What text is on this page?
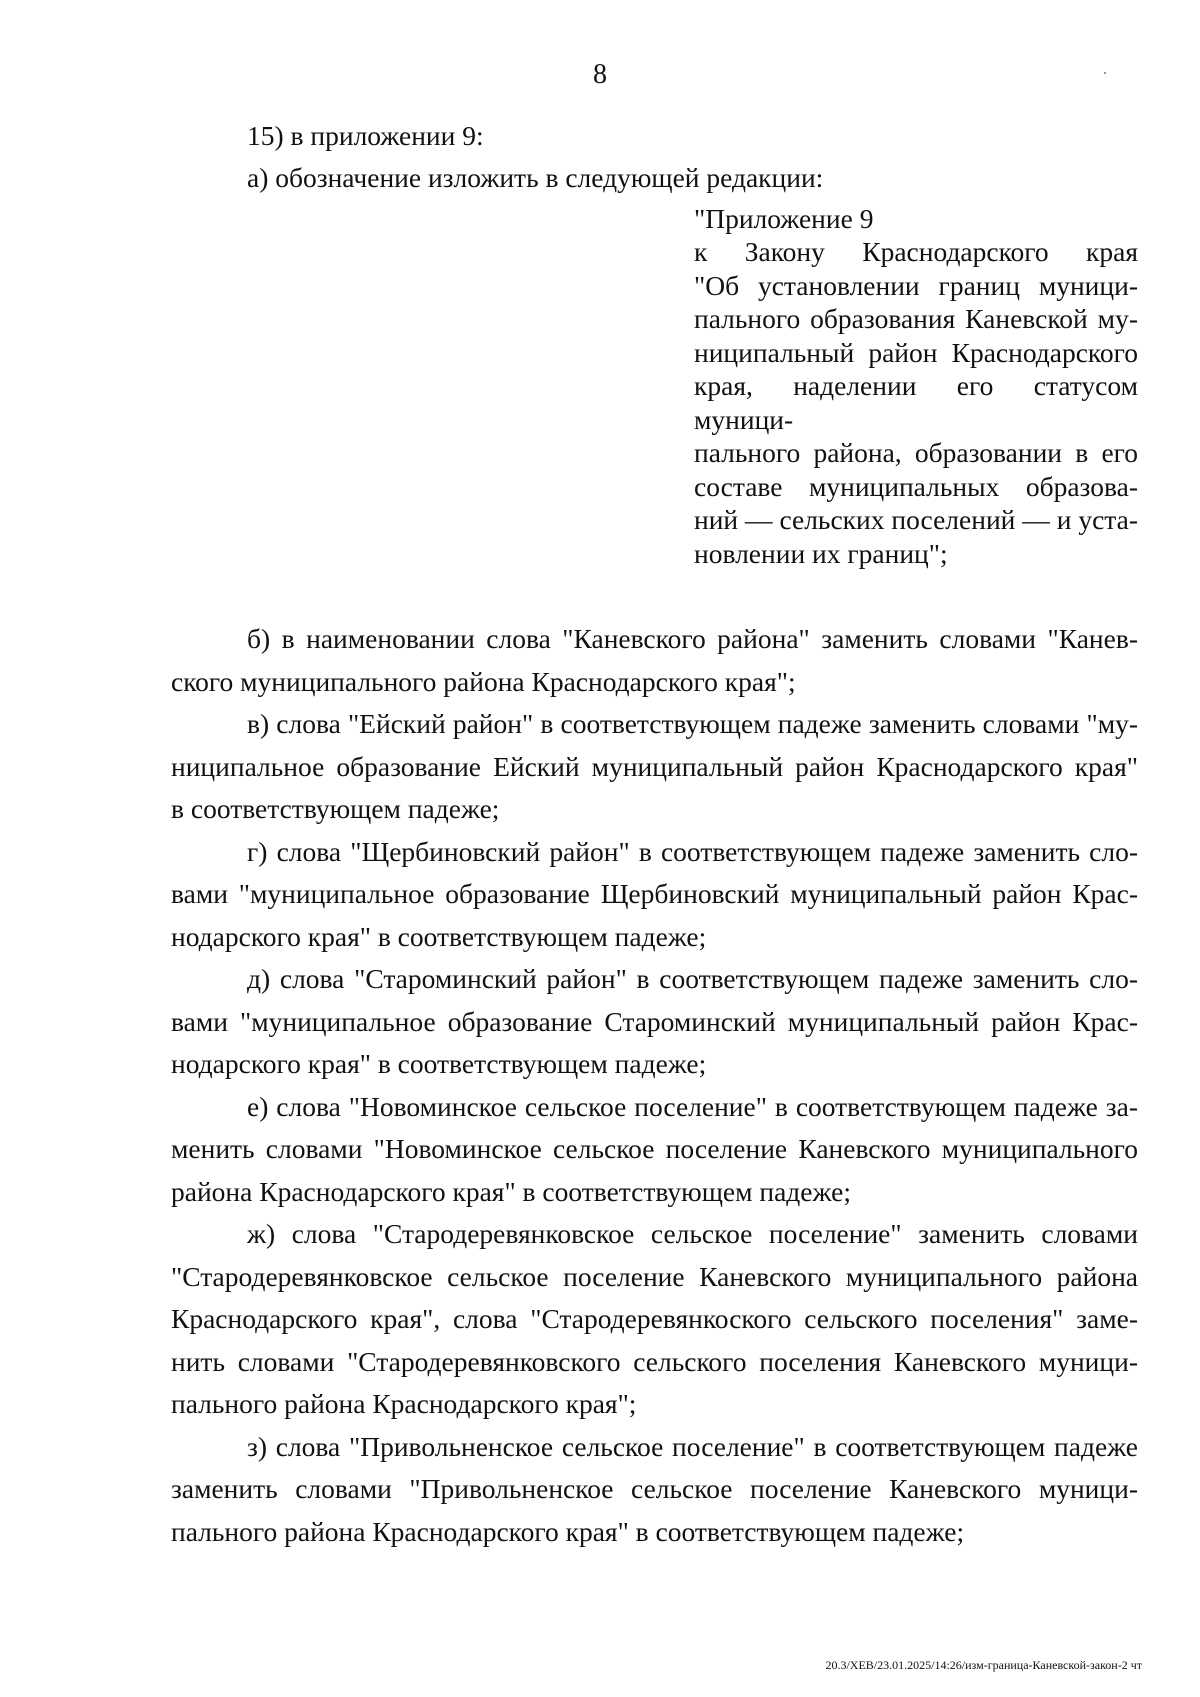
8
15) в приложении 9:
а) обозначение изложить в следующей редакции:
"Приложение 9
к Закону Краснодарского края
"Об установлении границ муници-
пального образования Каневской му-
ниципальный район Краснодарского
края, наделении его статусом муници-
пального района, образовании в его
составе муниципальных образова-
ний — сельских поселений — и уста-
новлении их границ";
б) в наименовании слова "Каневского района" заменить словами "Канев-
ского муниципального района Краснодарского края";
в) слова "Ейский район" в соответствующем падеже заменить словами "му-
ниципальное образование Ейский муниципальный район Краснодарского края"
в соответствующем падеже;
г) слова "Щербиновский район" в соответствующем падеже заменить сло-
вами "муниципальное образование Щербиновский муниципальный район Крас-
нодарского края" в соответствующем падеже;
д) слова "Староминский район" в соответствующем падеже заменить сло-
вами "муниципальное образование Староминский муниципальный район Крас-
нодарского края" в соответствующем падеже;
е) слова "Новоминское сельское поселение" в соответствующем падеже за-
менить словами "Новоминское сельское поселение Каневского муниципального
района Краснодарского края" в соответствующем падеже;
ж) слова "Стародеревянковское сельское поселение" заменить словами
"Стародеревянковское сельское поселение Каневского муниципального района
Краснодарского края", слова "Стародеревянкоского сельского поселения" заме-
нить словами "Стародеревянковского сельского поселения Каневского муници-
пального района Краснодарского края";
з) слова "Привольненское сельское поселение" в соответствующем падеже
заменить словами "Привольненское сельское поселение Каневского муници-
пального района Краснодарского края" в соответствующем падеже;
20.3/ХЕВ/23.01.2025/14:26/изм-граница-Каневской-закон-2 чт
